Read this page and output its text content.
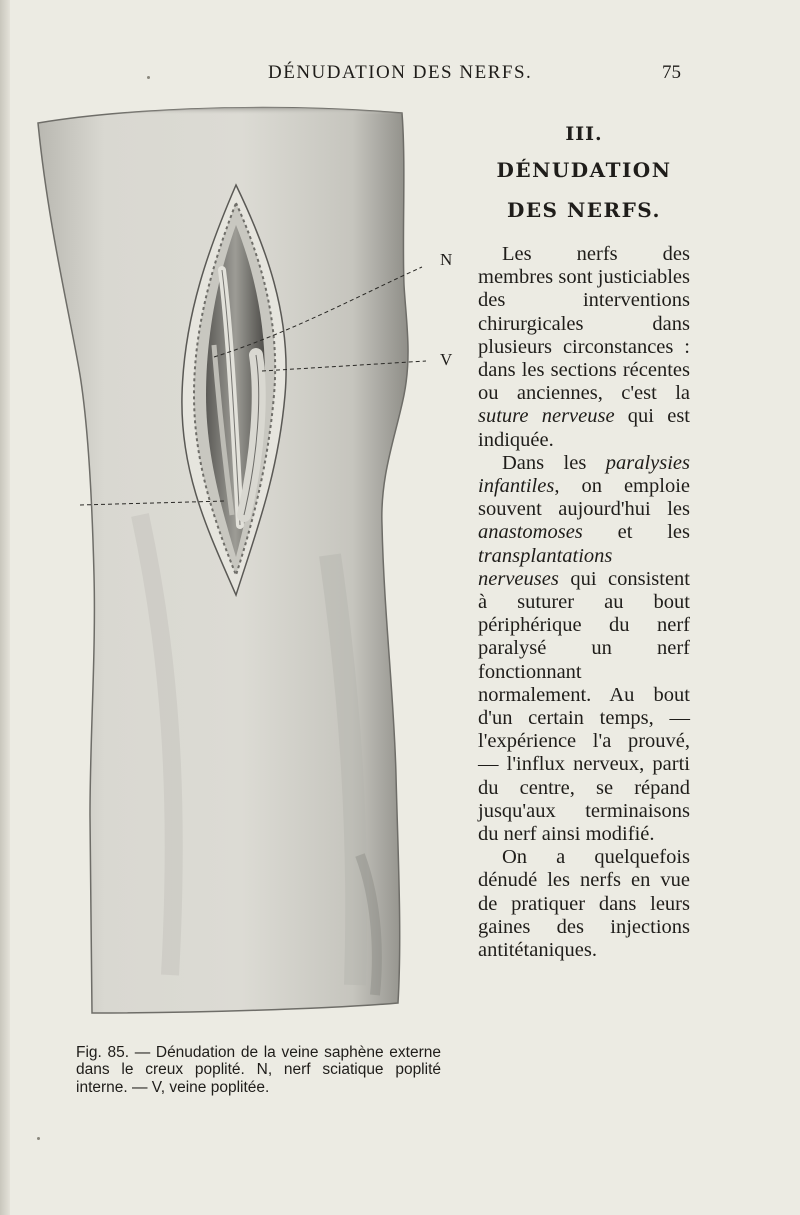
DÉNUDATION DES NERFS.	75
N
V

Fig. 85. — Dénudation de la veine saphène externe dans le creux poplité. N, nerf sciatique poplité interne. — V, veine poplitée.

III.
DÉNUDATION
DES NERFS.

Les nerfs des membres sont justiciables des interventions chirurgicales dans plusieurs circonstances : dans les sections récentes ou anciennes, c'est la suture nerveuse qui est indiquée.

Dans les paralysies infantiles, on emploie souvent aujourd'hui les anastomoses et les transplantations nerveuses qui consistent à suturer au bout périphérique du nerf paralysé un nerf fonctionnant normalement. Au bout d'un certain temps, — l'expérience l'a prouvé, — l'influx nerveux, parti du centre, se répand jusqu'aux terminaisons du nerf ainsi modifié.

On a quelquefois dénudé les nerfs en vue de pratiquer dans leurs gaines des injections antitétaniques.
